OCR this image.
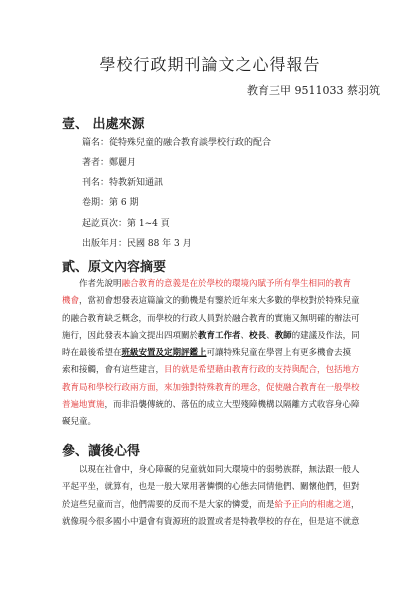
學校行政期刊論文之心得報告
教育三甲 9511033 蔡羽筑
壹、 出處來源
篇名：從特殊兒童的融合教育談學校行政的配合
著者：鄭麗月
刊名：特教新知通訊
卷期：第 6 期
起訖頁次：第 1~4 頁
出版年月：民國 88 年 3 月
貳、原文內容摘要
作者先說明融合教育的意義是在於學校的環境內賦予所有學生相同的教育
機會，當初會想發表這篇論文的動機是有鑒於近年來大多數的學校對於特殊兒童
的融合教育缺乏概念，而學校的行政人員對於融合教育的實施又無明確的辦法可
施行，因此發表本論文提出四項關於教育工作者、校長、教師的建議及作法，同
時在最後希望在班級安置及定期評鑑上可讓特殊兒童在學習上有更多機會去摸
索和接觸，會有這些建言，目的就是希望藉由教育行政的支持與配合，包括地方
教育局和學校行政兩方面，來加強對特殊教育的理念，促使融合教育在一般學校
普遍地實施，而非沿襲傳統的、落伍的成立大型殘障機構以隔離方式收容身心障
礙兒童。
參、讀後心得
以現在社會中，身心障礙的兒童就如同大環境中的弱勢族群，無法跟一般人
平起平坐，就算有，也是一般大眾用著憐憫的心態去同情他們、關懷他們，但對
於這些兒童而言，他們需要的反而不是大家的憐愛，而是給予正向的相處之道，
就像現今很多國小中還會有資源班的設置或者是特教學校的存在，但是這不就意
